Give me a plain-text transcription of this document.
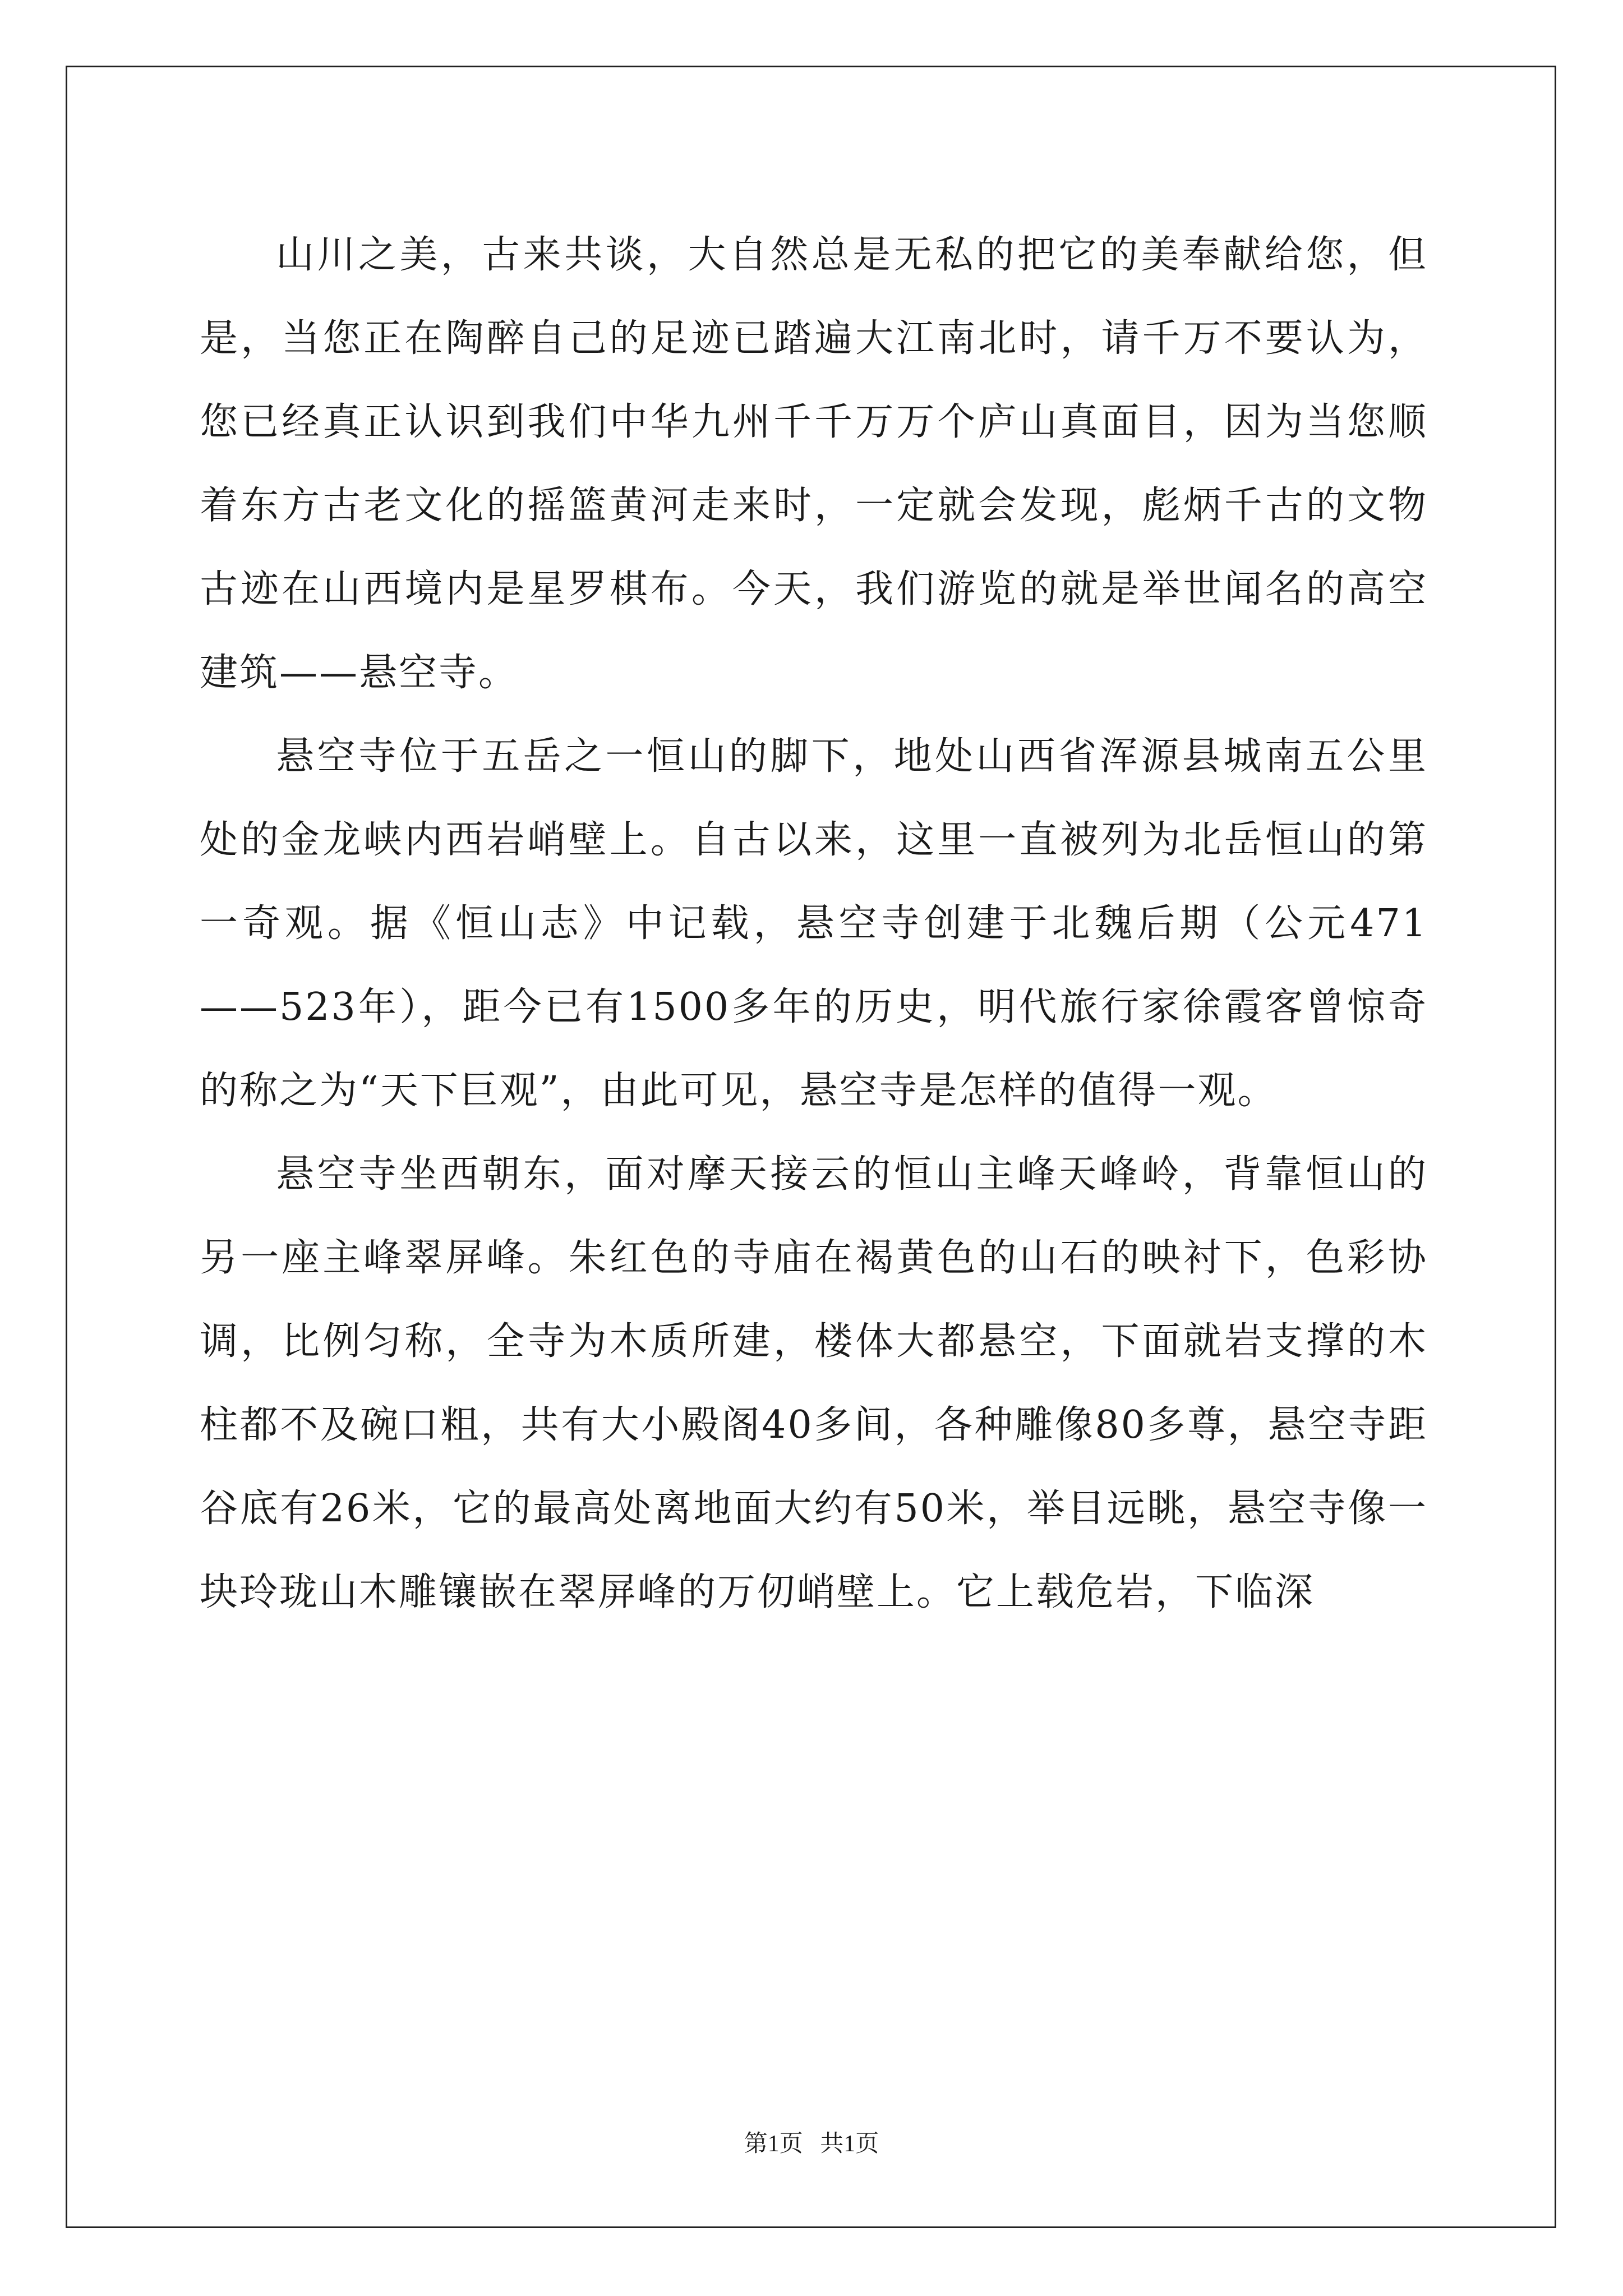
山川之美，古来共谈，大自然总是无私的把它的美奉献给您，但是，当您正在陶醉自己的足迹已踏遍大江南北时，请千万不要认为，您已经真正认识到我们中华九州千千万万个庐山真面目，因为当您顺着东方古老文化的摇篮黄河走来时，一定就会发现，彪炳千古的文物古迹在山西境内是星罗棋布。今天，我们游览的就是举世闻名的高空建筑——悬空寺。

悬空寺位于五岳之一恒山的脚下，地处山西省浑源县城南五公里处的金龙峡内西岩峭壁上。自古以来，这里一直被列为北岳恒山的第一奇观。据《恒山志》中记载，悬空寺创建于北魏后期（公元471——523年），距今已有1500多年的历史，明代旅行家徐霞客曾惊奇的称之为“天下巨观”，由此可见，悬空寺是怎样的值得一观。

悬空寺坐西朝东，面对摩天接云的恒山主峰天峰岭，背靠恒山的另一座主峰翠屏峰。朱红色的寺庙在褐黄色的山石的映衬下，色彩协调，比例匀称，全寺为木质所建，楼体大都悬空，下面就岩支撑的木柱都不及碗口粗，共有大小殿阁40多间，各种雕像80多尊，悬空寺距谷底有26米，它的最高处离地面大约有50米，举目远眺，悬空寺像一块玲珑山木雕镶嵌在翠屏峰的万仞峭壁上。它上载危岩，下临深

第1页 共1页
